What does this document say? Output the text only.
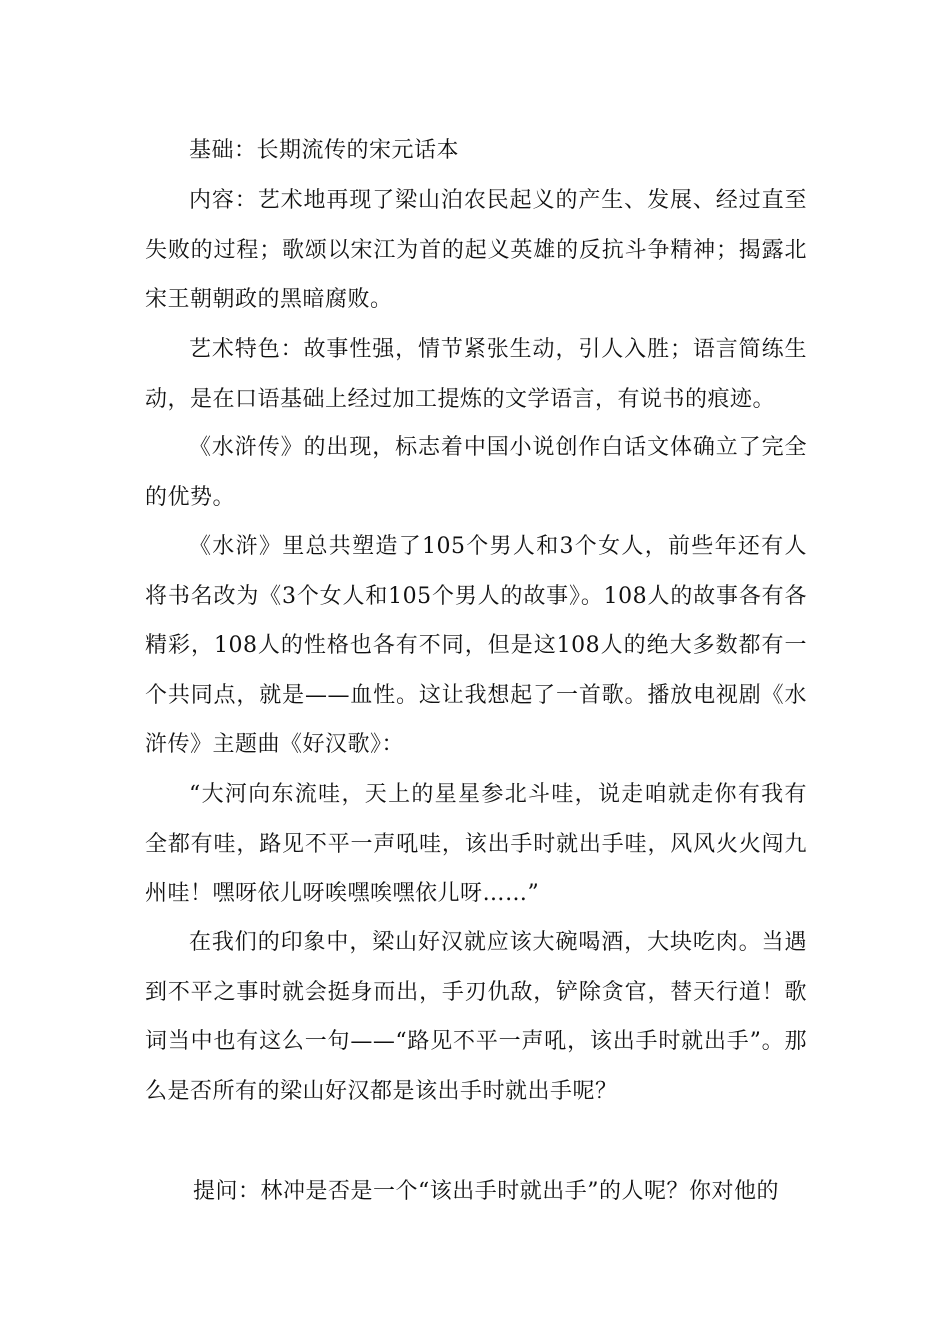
基础：长期流传的宋元话本

内容：艺术地再现了梁山泊农民起义的产生、发展、经过直至失败的过程；歌颂以宋江为首的起义英雄的反抗斗争精神；揭露北宋王朝朝政的黑暗腐败。

艺术特色：故事性强，情节紧张生动，引人入胜；语言简练生动，是在口语基础上经过加工提炼的文学语言，有说书的痕迹。

《水浒传》的出现，标志着中国小说创作白话文体确立了完全的优势。

《水浒》里总共塑造了105个男人和3个女人，前些年还有人将书名改为《3个女人和105个男人的故事》。108人的故事各有各精彩，108人的性格也各有不同，但是这108人的绝大多数都有一个共同点，就是——血性。这让我想起了一首歌。播放电视剧《水浒传》主题曲《好汉歌》：

“大河向东流哇，天上的星星参北斗哇，说走咱就走你有我有全都有哇，路见不平一声吼哇，该出手时就出手哇，风风火火闯九州哇！嘿呀依儿呀唉嘿唉嘿依儿呀……”

在我们的印象中，梁山好汉就应该大碗喝酒，大块吃肉。当遇到不平之事时就会挺身而出，手刃仇敌，铲除贪官，替天行道！歌词当中也有这么一句——“路见不平一声吼，该出手时就出手”。那么是否所有的梁山好汉都是该出手时就出手呢？

提问：林冲是否是一个“该出手时就出手”的人呢？你对他的
